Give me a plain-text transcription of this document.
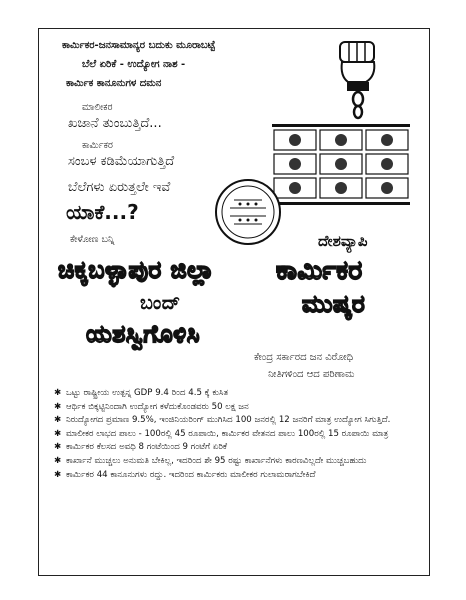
ಕಾರ್ಮಿಕರ-ಜನಸಾಮಾನ್ಯರ ಬದುಕು ಮೂರಾಬಟ್ಟೆ
ಬೆಲೆ ಏರಿಕೆ - ಉದ್ಯೋಗ ನಾಶ -
ಕಾರ್ಮಿಕ ಕಾನೂನುಗಳ ದಮನ
ಮಾಲೀಕರ
ಖಜಾನೆ ತುಂಬುತ್ತಿದೆ...
ಕಾರ್ಮಿಕರ
ಸಂಬಳ ಕಡಿಮೆಯಾಗುತ್ತಿದೆ
ಬೆಲೆಗಳು ಏರುತ್ತಲೇ ಇವೆ
ಯಾಕೆ...?
ಕೇಳೋಣ ಬನ್ನಿ	ದೇಶವ್ಯಾಪಿ
ಕಾರ್ಮಿಕರ
ಮುಷ್ಕರ
ಚಿಕ್ಕಬಳ್ಳಾಪುರ ಜಿಲ್ಲಾ
ಬಂದ್
ಯಶಸ್ವಿಗೊಳಿಸಿ
ಕೇಂದ್ರ ಸರ್ಕಾರದ ಜನ ವಿರೋಧಿ
ನೀತಿಗಳಿಂದ ಆದ ಪರಿಣಾಮ
✱ ಒಟ್ಟು ರಾಷ್ಟ್ರೀಯ ಉತ್ಪನ್ನ GDP 9.4 ರಿಂದ 4.5 ಕ್ಕೆ ಕುಸಿತ
✱ ಆರ್ಥಿಕ ಬಿಕ್ಕಟ್ಟಿನಿಂದಾಗಿ ಉದ್ಯೋಗ ಕಳೆದುಕೊಂಡವರು 50 ಲಕ್ಷ ಜನ
✱ ನಿರುದ್ಯೋಗದ ಪ್ರಮಾಣ 9.5%, ಇಂಜಿನಿಯರಿಂಗ್ ಮುಗಿಸಿದ 100 ಜನರಲ್ಲಿ 12 ಜನರಿಗೆ ಮಾತ್ರ ಉದ್ಯೋಗ ಸಿಗುತ್ತಿದೆ.
✱ ಮಾಲೀಕರ ಲಾಭದ ಪಾಲು - 100ರಲ್ಲಿ 45 ರೂಪಾಯಿ, ಕಾರ್ಮಿಕರ ವೇತನದ ಪಾಲು 100ರಲ್ಲಿ 15 ರೂಪಾಯಿ ಮಾತ್ರ
✱ ಕಾರ್ಮಿಕರ ಕೆಲಸದ ಅವಧಿ 8 ಗಂಟೆಯಿಂದ 9 ಗಂಟೆಗೆ ಏರಿಕೆ
✱ ಕಾರ್ಖಾನೆ ಮುಚ್ಚಲು ಅನುಮತಿ ಬೇಕಿಲ್ಲ, ಇದರಿಂದ ಶೇ 95 ರಷ್ಟು ಕಾರ್ಖಾನೆಗಳು ಕಾರಣವಿಲ್ಲದೇ ಮುಚ್ಚಬಹುದು
✱ ಕಾರ್ಮಿಕರ 44 ಕಾನೂನುಗಳು ರದ್ದು. ಇದರಿಂದ ಕಾರ್ಮಿಕರು ಮಾಲೀಕರ ಗುಲಾಮರಾಗಬೇಕಿದೆ
